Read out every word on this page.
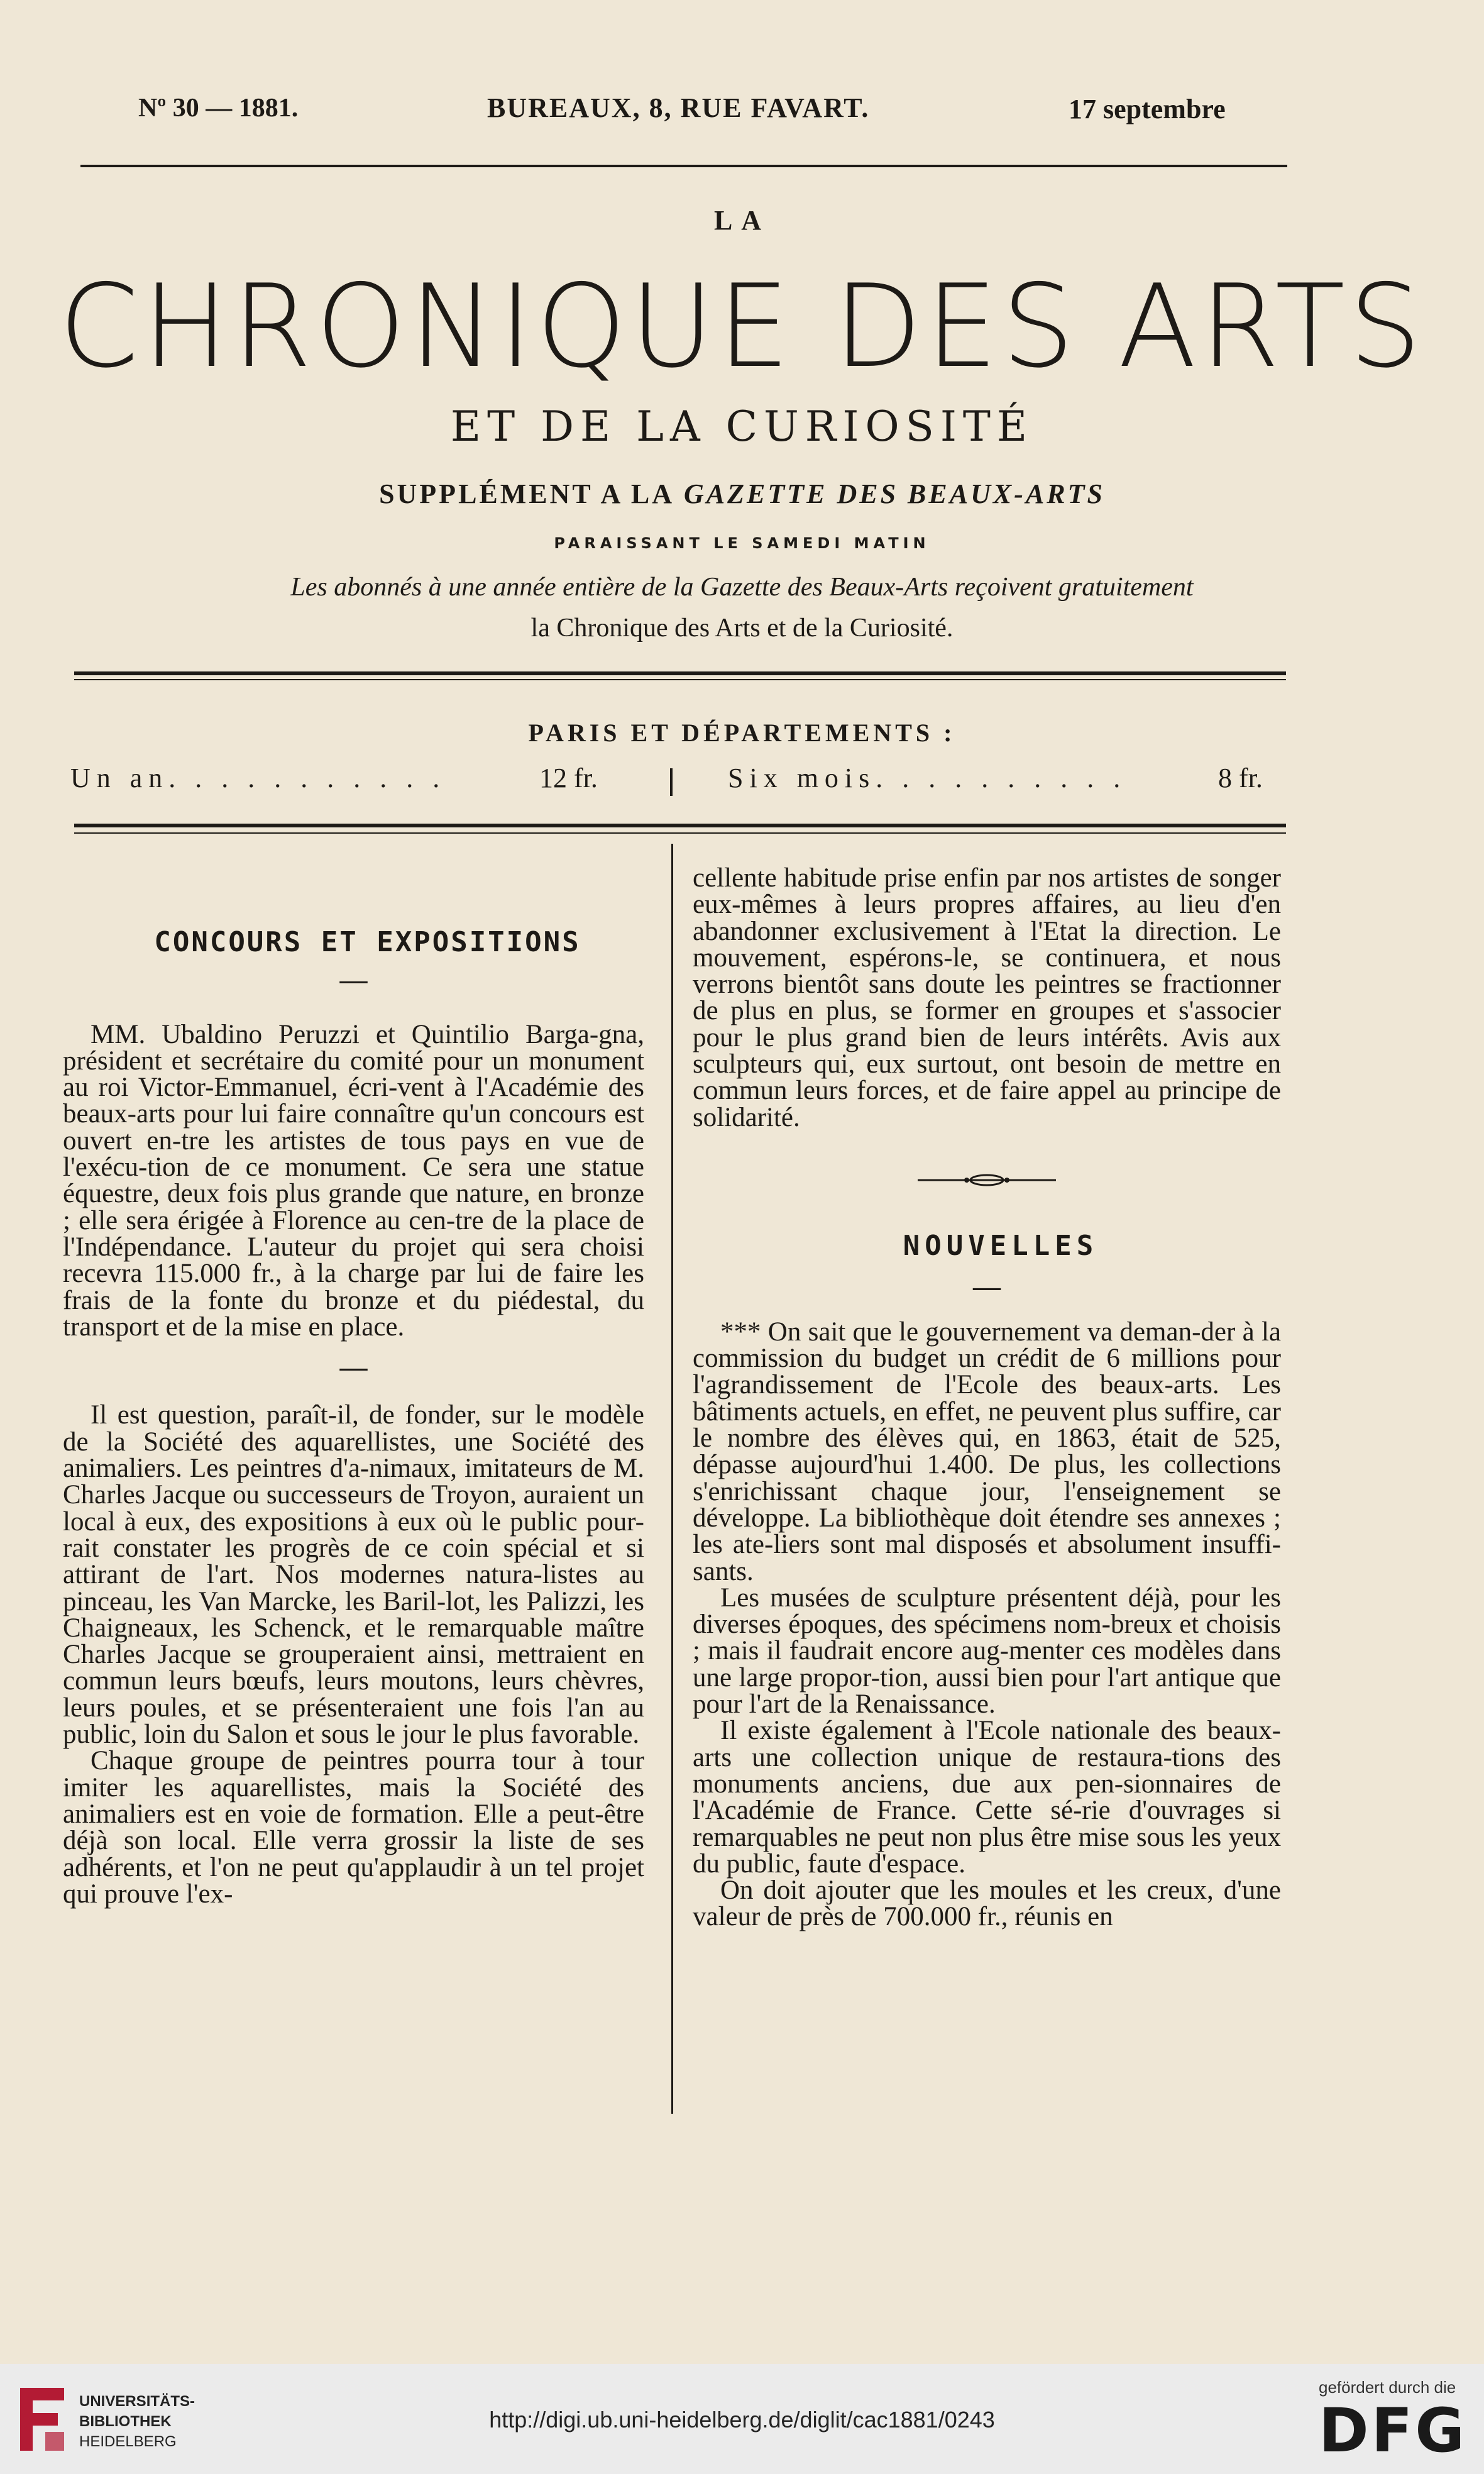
Nº 30 — 1881.	BUREAUX, 8, RUE FAVART.	17 septembre
LA
CHRONIQUE DES ARTS
ET DE LA CURIOSITÉ
SUPPLÉMENT A LA GAZETTE DES BEAUX-ARTS
PARAISSANT LE SAMEDI MATIN
Les abonnés à une année entière de la Gazette des Beaux-Arts reçoivent gratuitement
la Chronique des Arts et de la Curiosité.
PARIS ET DÉPARTEMENTS :
Un an. . . . . . . . . . .	12 fr.	Six mois. . . . . . . . . .	8 fr.

CONCOURS ET EXPOSITIONS

—

MM. Ubaldino Peruzzi et Quintilio Barga-gna, président et secrétaire du comité pour un monument au roi Victor-Emmanuel, écri-vent à l'Académie des beaux-arts pour lui faire connaître qu'un concours est ouvert en-tre les artistes de tous pays en vue de l'exécu-tion de ce monument. Ce sera une statue équestre, deux fois plus grande que nature, en bronze ; elle sera érigée à Florence au cen-tre de la place de l'Indépendance. L'auteur du projet qui sera choisi recevra 115.000 fr., à la charge par lui de faire les frais de la fonte du bronze et du piédestal, du transport et de la mise en place.

—

Il est question, paraît-il, de fonder, sur le modèle de la Société des aquarellistes, une Société des animaliers. Les peintres d'a-nimaux, imitateurs de M. Charles Jacque ou successeurs de Troyon, auraient un local à eux, des expositions à eux où le public pour-rait constater les progrès de ce coin spécial et si attirant de l'art. Nos modernes natura-listes au pinceau, les Van Marcke, les Baril-lot, les Palizzi, les Chaigneaux, les Schenck, et le remarquable maître Charles Jacque se grouperaient ainsi, mettraient en commun leurs bœufs, leurs moutons, leurs chèvres, leurs poules, et se présenteraient une fois l'an au public, loin du Salon et sous le jour le plus favorable.

Chaque groupe de peintres pourra tour à tour imiter les aquarellistes, mais la Société des animaliers est en voie de formation. Elle a peut-être déjà son local. Elle verra grossir la liste de ses adhérents, et l'on ne peut qu'applaudir à un tel projet qui prouve l'ex-

cellente habitude prise enfin par nos artistes de songer eux-mêmes à leurs propres affaires, au lieu d'en abandonner exclusivement à l'Etat la direction. Le mouvement, espérons-le, se continuera, et nous verrons bientôt sans doute les peintres se fractionner de plus en plus, se former en groupes et s'associer pour le plus grand bien de leurs intérêts. Avis aux sculpteurs qui, eux surtout, ont besoin de mettre en commun leurs forces, et de faire appel au principe de solidarité.

NOUVELLES

—

*** On sait que le gouvernement va deman-der à la commission du budget un crédit de 6 millions pour l'agrandissement de l'Ecole des beaux-arts. Les bâtiments actuels, en effet, ne peuvent plus suffire, car le nombre des élèves qui, en 1863, était de 525, dépasse aujourd'hui 1.400. De plus, les collections s'enrichissant chaque jour, l'enseignement se développe. La bibliothèque doit étendre ses annexes ; les ate-liers sont mal disposés et absolument insuffi-sants.

Les musées de sculpture présentent déjà, pour les diverses époques, des spécimens nom-breux et choisis ; mais il faudrait encore aug-menter ces modèles dans une large propor-tion, aussi bien pour l'art antique que pour l'art de la Renaissance.

Il existe également à l'Ecole nationale des beaux-arts une collection unique de restaura-tions des monuments anciens, due aux pen-sionnaires de l'Académie de France. Cette sé-rie d'ouvrages si remarquables ne peut non plus être mise sous les yeux du public, faute d'espace.

On doit ajouter que les moules et les creux, d'une valeur de près de 700.000 fr., réunis en

UNIVERSITÄTS-
BIBLIOTHEK
HEIDELBERG
http://digi.ub.uni-heidelberg.de/diglit/cac1881/0243
gefördert durch die
DFG
